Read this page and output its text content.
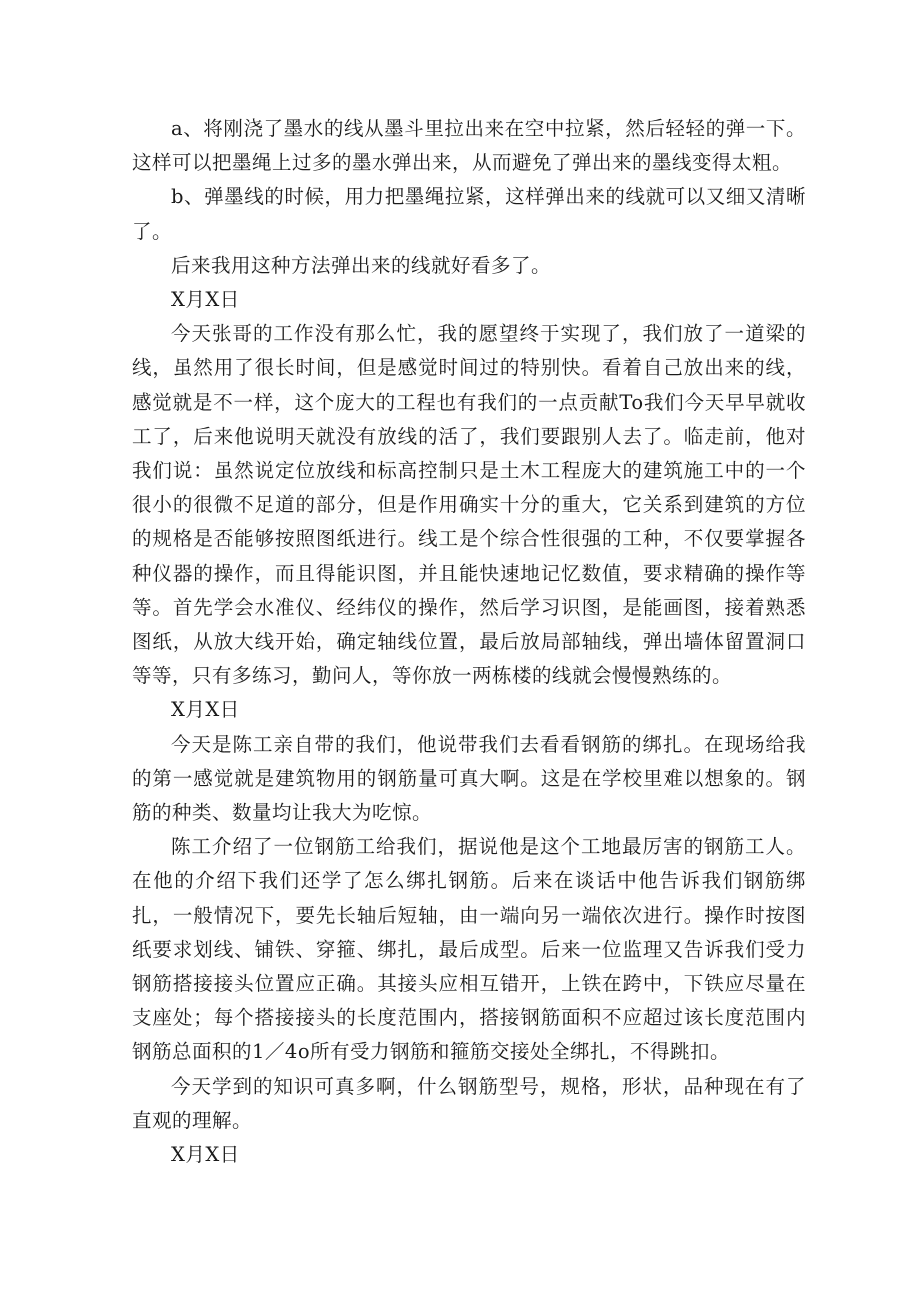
a、将刚浇了墨水的线从墨斗里拉出来在空中拉紧，然后轻轻的弹一下。这样可以把墨绳上过多的墨水弹出来，从而避免了弹出来的墨线变得太粗。

b、弹墨线的时候，用力把墨绳拉紧，这样弹出来的线就可以又细又清晰了。

后来我用这种方法弹出来的线就好看多了。

X月X日

今天张哥的工作没有那么忙，我的愿望终于实现了，我们放了一道梁的线，虽然用了很长时间，但是感觉时间过的特别快。看着自己放出来的线，感觉就是不一样，这个庞大的工程也有我们的一点贡献To我们今天早早就收工了，后来他说明天就没有放线的活了，我们要跟别人去了。临走前，他对我们说：虽然说定位放线和标高控制只是土木工程庞大的建筑施工中的一个很小的很微不足道的部分，但是作用确实十分的重大，它关系到建筑的方位的规格是否能够按照图纸进行。线工是个综合性很强的工种，不仅要掌握各种仪器的操作，而且得能识图，并且能快速地记忆数值，要求精确的操作等等。首先学会水准仪、经纬仪的操作，然后学习识图，是能画图，接着熟悉图纸，从放大线开始，确定轴线位置，最后放局部轴线，弹出墙体留置洞口等等，只有多练习，勤问人，等你放一两栋楼的线就会慢慢熟练的。

X月X日

今天是陈工亲自带的我们，他说带我们去看看钢筋的绑扎。在现场给我的第一感觉就是建筑物用的钢筋量可真大啊。这是在学校里难以想象的。钢筋的种类、数量均让我大为吃惊。

陈工介绍了一位钢筋工给我们，据说他是这个工地最厉害的钢筋工人。在他的介绍下我们还学了怎么绑扎钢筋。后来在谈话中他告诉我们钢筋绑扎，一般情况下，要先长轴后短轴，由一端向另一端依次进行。操作时按图纸要求划线、铺铁、穿箍、绑扎，最后成型。后来一位监理又告诉我们受力钢筋搭接接头位置应正确。其接头应相互错开，上铁在跨中，下铁应尽量在支座处；每个搭接接头的长度范围内，搭接钢筋面积不应超过该长度范围内钢筋总面积的1／4o所有受力钢筋和箍筋交接处全绑扎，不得跳扣。

今天学到的知识可真多啊，什么钢筋型号，规格，形状，品种现在有了直观的理解。

X月X日
